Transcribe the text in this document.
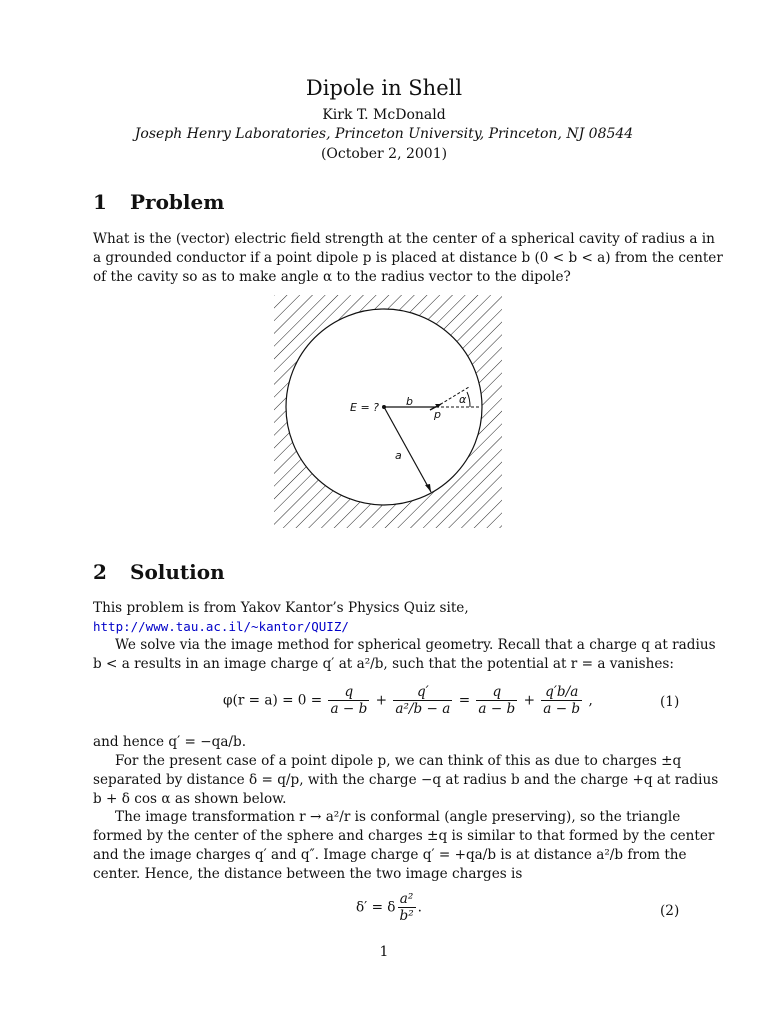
Dipole in Shell
Kirk T. McDonald
Joseph Henry Laboratories, Princeton University, Princeton, NJ 08544
(October 2, 2001)
1 Problem
What is the (vector) electric field strength at the center of a spherical cavity of radius a in
a grounded conductor if a point dipole p is placed at distance b (0 < b < a) from the center
of the cavity so as to make angle α to the radius vector to the dipole?
E = ? b
p
α
a
2 Solution
This problem is from Yakov Kantor’s Physics Quiz site,
http://www.tau.ac.il/~kantor/QUIZ/
We solve via the image method for spherical geometry. Recall that a charge q at radius
b < a results in an image charge q′ at a²/b, such that the potential at r = a vanishes:
$\varphi(r = a) = 0 = \frac{q}{a - b} + \frac{q'}{\text{a²/b − a}} = \frac{q}{a - b} + \frac{q'b/a}{a - b}$ ,	(1)
and hence q′ = −qa/b.
For the present case of a point dipole p, we can think of this as due to charges ±q
separated by distance δ = q/p, with the charge −q at radius b and the charge +q at radius
b + δ cos α as shown below.
The image transformation r → a²/r is conformal (angle preserving), so the triangle
formed by the center of the sphere and charges ±q is similar to that formed by the center
and the image charges q′ and q″. Image charge q′ = +qa/b is at distance a²/b from the
center. Hence, the distance between the two image charges is
δ′ = δ $\frac{\text{a²}}{\text{b²}}$ .	(2)
1
